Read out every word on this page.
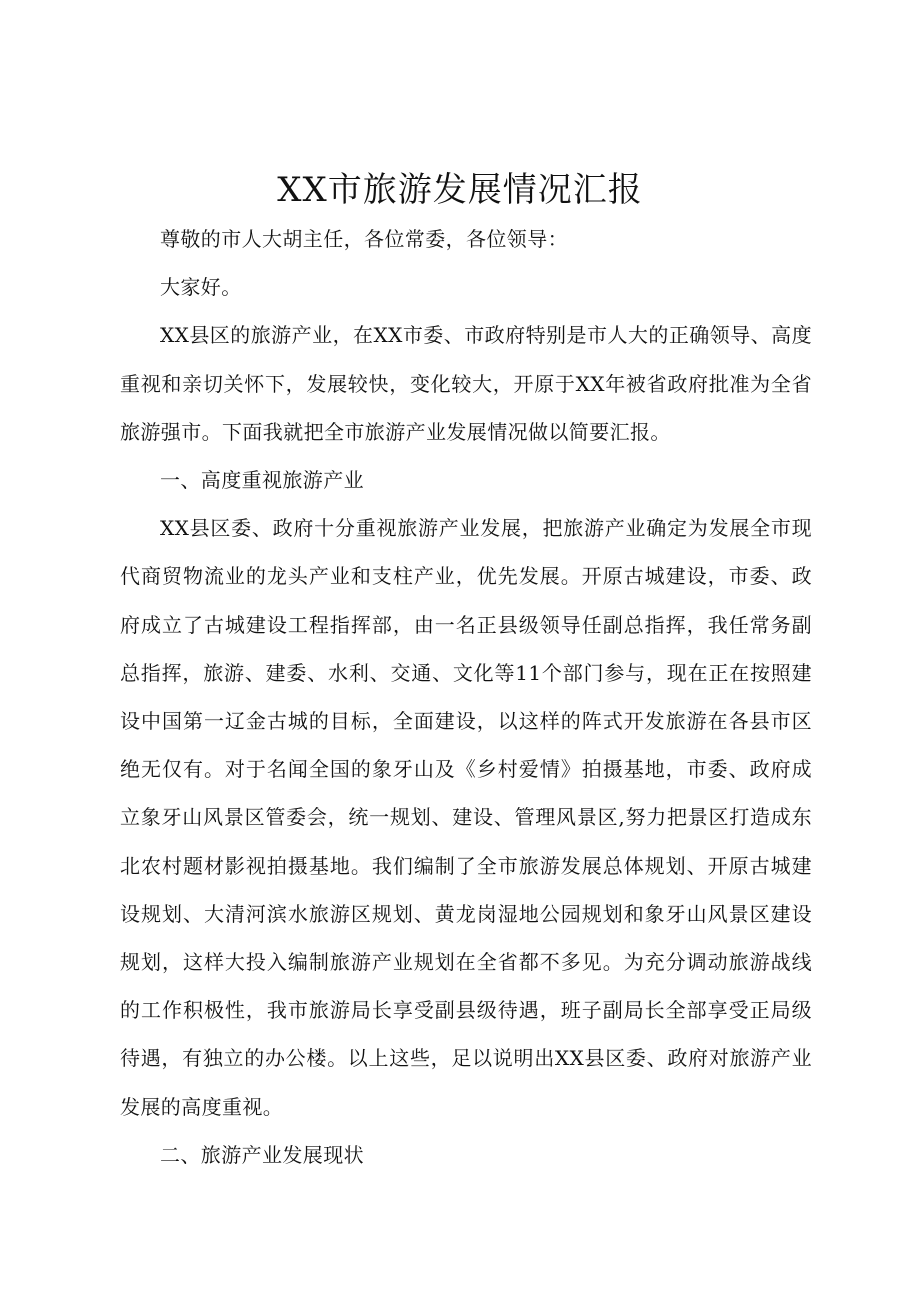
XX市旅游发展情况汇报

尊敬的市人大胡主任，各位常委，各位领导：

大家好。

XX县区的旅游产业，在XX市委、市政府特别是市人大的正确领导、高度重视和亲切关怀下，发展较快，变化较大，开原于XX年被省政府批准为全省旅游强市。下面我就把全市旅游产业发展情况做以简要汇报。

一、高度重视旅游产业

XX县区委、政府十分重视旅游产业发展，把旅游产业确定为发展全市现代商贸物流业的龙头产业和支柱产业，优先发展。开原古城建设，市委、政府成立了古城建设工程指挥部，由一名正县级领导任副总指挥，我任常务副总指挥，旅游、建委、水利、交通、文化等11个部门参与，现在正在按照建设中国第一辽金古城的目标，全面建设，以这样的阵式开发旅游在各县市区绝无仅有。对于名闻全国的象牙山及《乡村爱情》拍摄基地，市委、政府成立象牙山风景区管委会，统一规划、建设、管理风景区,努力把景区打造成东北农村题材影视拍摄基地。我们编制了全市旅游发展总体规划、开原古城建设规划、大清河滨水旅游区规划、黄龙岗湿地公园规划和象牙山风景区建设规划，这样大投入编制旅游产业规划在全省都不多见。为充分调动旅游战线的工作积极性，我市旅游局长享受副县级待遇，班子副局长全部享受正局级待遇，有独立的办公楼。以上这些，足以说明出XX县区委、政府对旅游产业发展的高度重视。

二、旅游产业发展现状
